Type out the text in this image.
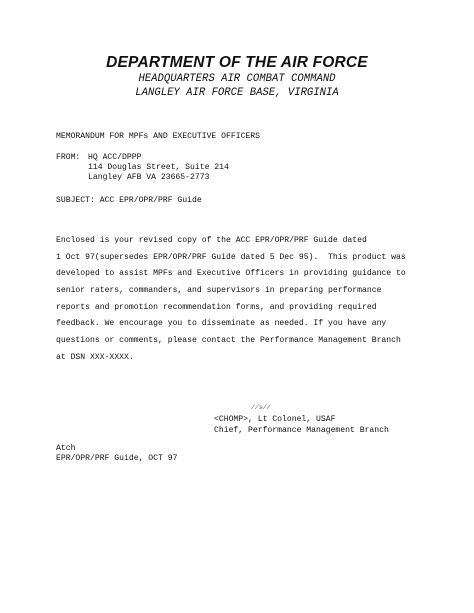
DEPARTMENT OF THE AIR FORCE
HEADQUARTERS AIR COMBAT COMMAND
LANGLEY AIR FORCE BASE, VIRGINIA
MEMORANDUM FOR MPFs AND EXECUTIVE OFFICERS
FROM: HQ ACC/DPPP
114 Douglas Street, Suite 214
Langley AFB VA 23665-2773
SUBJECT: ACC EPR/OPR/PRF Guide
Enclosed is your revised copy of the ACC EPR/OPR/PRF Guide dated
1 Oct 97(supersedes EPR/OPR/PRF Guide dated 5 Dec 95).  This product was
developed to assist MPFs and Executive Officers in providing guidance to
senior raters, commanders, and supervisors in preparing performance
reports and promotion recommendation forms, and providing required
feedback. We encourage you to disseminate as needed. If you have any
questions or comments, please contact the Performance Management Branch
at DSN XXX-XXXX.
//s//
<CHOMP>, Lt Colonel, USAF
Chief, Performance Management Branch
Atch
EPR/OPR/PRF Guide, OCT 97
